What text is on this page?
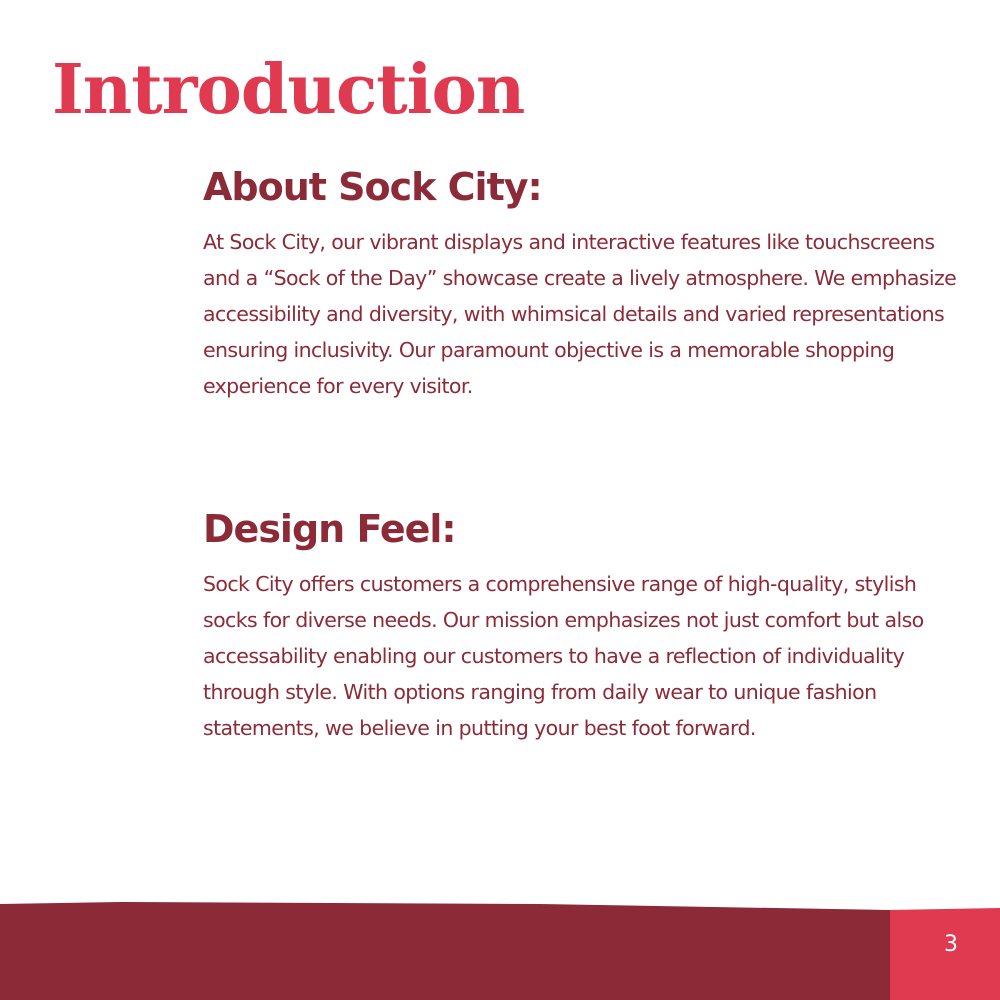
Introduction
About Sock City:

At Sock City, our vibrant displays and interactive features like touchscreens and a “Sock of the Day” showcase create a lively atmosphere. We emphasize accessibility and diversity, with whimsical details and varied representations ensuring inclusivity. Our paramount objective is a memorable shopping experience for every visitor.

Design Feel:

Sock City offers customers a comprehensive range of high-quality, stylish socks for diverse needs. Our mission emphasizes not just comfort but also accessability enabling our customers to have a reflection of individuality through style. With options ranging from daily wear to unique fashion statements, we believe in putting your best foot forward.

3
